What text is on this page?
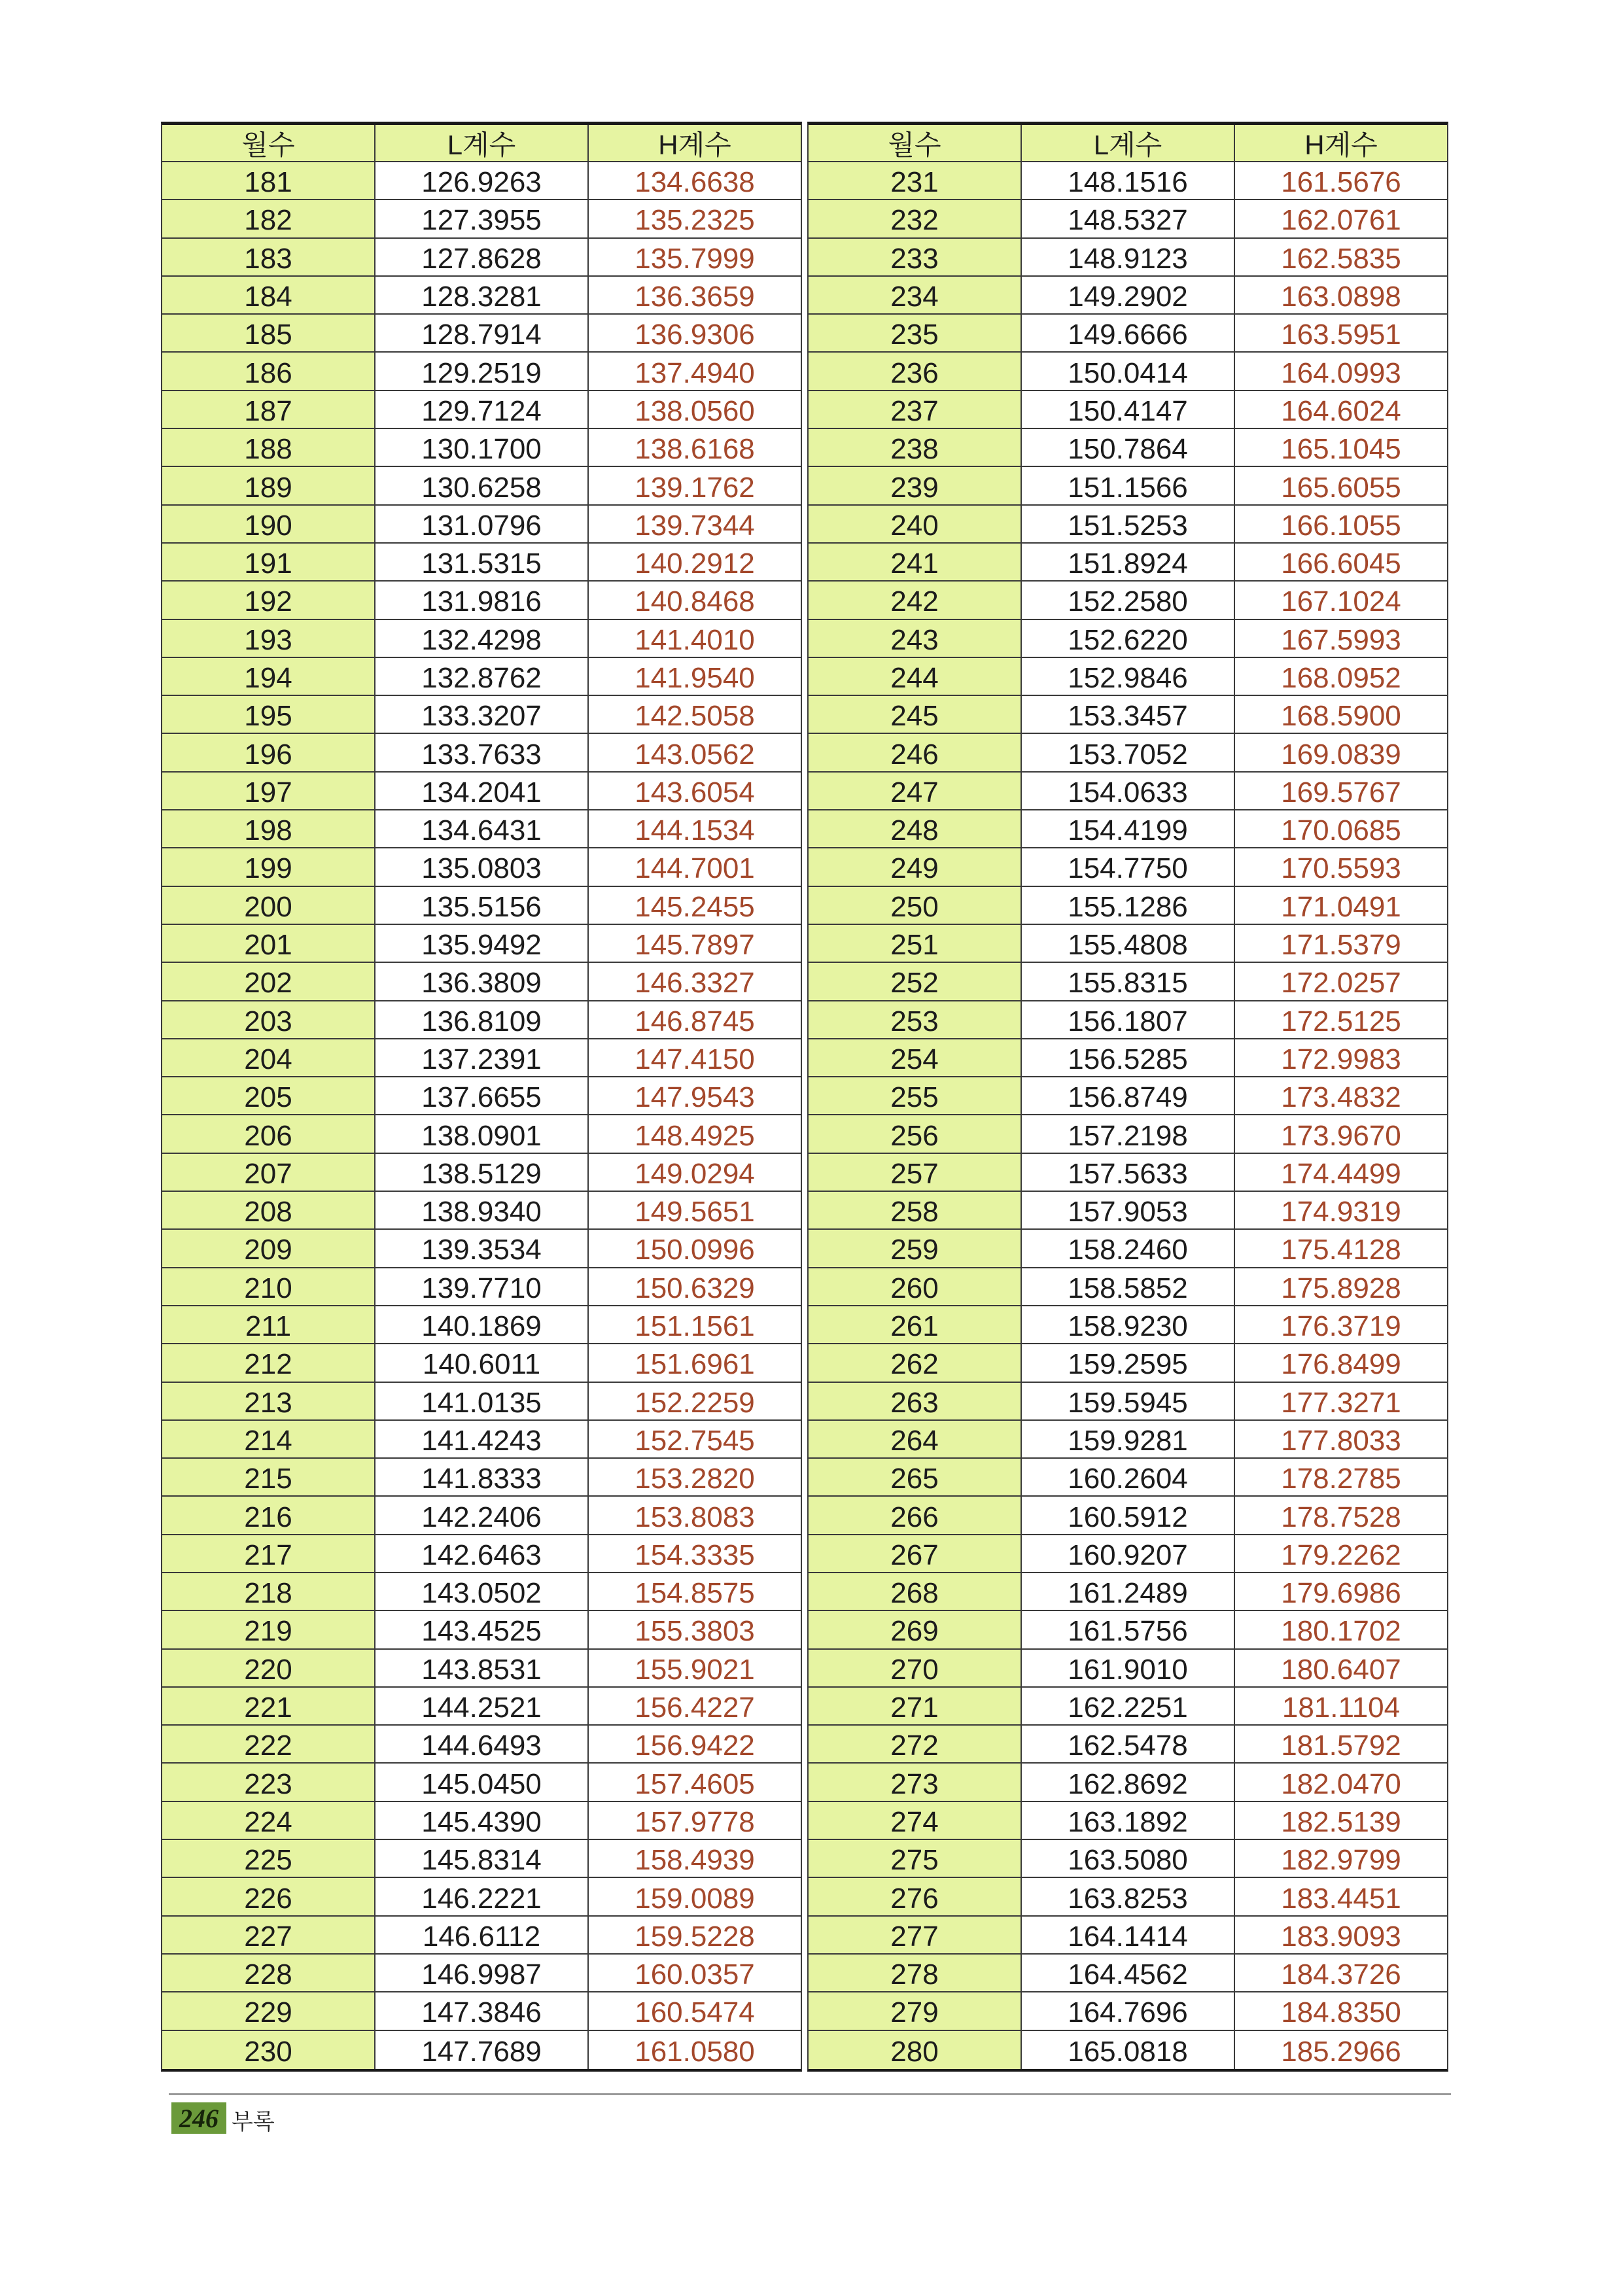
월수	L계수	H계수
181	126.9263	134.6638
182	127.3955	135.2325
183	127.8628	135.7999
184	128.3281	136.3659
185	128.7914	136.9306
186	129.2519	137.4940
187	129.7124	138.0560
188	130.1700	138.6168
189	130.6258	139.1762
190	131.0796	139.7344
191	131.5315	140.2912
192	131.9816	140.8468
193	132.4298	141.4010
194	132.8762	141.9540
195	133.3207	142.5058
196	133.7633	143.0562
197	134.2041	143.6054
198	134.6431	144.1534
199	135.0803	144.7001
200	135.5156	145.2455
201	135.9492	145.7897
202	136.3809	146.3327
203	136.8109	146.8745
204	137.2391	147.4150
205	137.6655	147.9543
206	138.0901	148.4925
207	138.5129	149.0294
208	138.9340	149.5651
209	139.3534	150.0996
210	139.7710	150.6329
211	140.1869	151.1561
212	140.6011	151.6961
213	141.0135	152.2259
214	141.4243	152.7545
215	141.8333	153.2820
216	142.2406	153.8083
217	142.6463	154.3335
218	143.0502	154.8575
219	143.4525	155.3803
220	143.8531	155.9021
221	144.2521	156.4227
222	144.6493	156.9422
223	145.0450	157.4605
224	145.4390	157.9778
225	145.8314	158.4939
226	146.2221	159.0089
227	146.6112	159.5228
228	146.9987	160.0357
229	147.3846	160.5474
230	147.7689	161.0580
월수	L계수	H계수
231	148.1516	161.5676
232	148.5327	162.0761
233	148.9123	162.5835
234	149.2902	163.0898
235	149.6666	163.5951
236	150.0414	164.0993
237	150.4147	164.6024
238	150.7864	165.1045
239	151.1566	165.6055
240	151.5253	166.1055
241	151.8924	166.6045
242	152.2580	167.1024
243	152.6220	167.5993
244	152.9846	168.0952
245	153.3457	168.5900
246	153.7052	169.0839
247	154.0633	169.5767
248	154.4199	170.0685
249	154.7750	170.5593
250	155.1286	171.0491
251	155.4808	171.5379
252	155.8315	172.0257
253	156.1807	172.5125
254	156.5285	172.9983
255	156.8749	173.4832
256	157.2198	173.9670
257	157.5633	174.4499
258	157.9053	174.9319
259	158.2460	175.4128
260	158.5852	175.8928
261	158.9230	176.3719
262	159.2595	176.8499
263	159.5945	177.3271
264	159.9281	177.8033
265	160.2604	178.2785
266	160.5912	178.7528
267	160.9207	179.2262
268	161.2489	179.6986
269	161.5756	180.1702
270	161.9010	180.6407
271	162.2251	181.1104
272	162.5478	181.5792
273	162.8692	182.0470
274	163.1892	182.5139
275	163.5080	182.9799
276	163.8253	183.4451
277	164.1414	183.9093
278	164.4562	184.3726
279	164.7696	184.8350
280	165.0818	185.2966
246 부록
